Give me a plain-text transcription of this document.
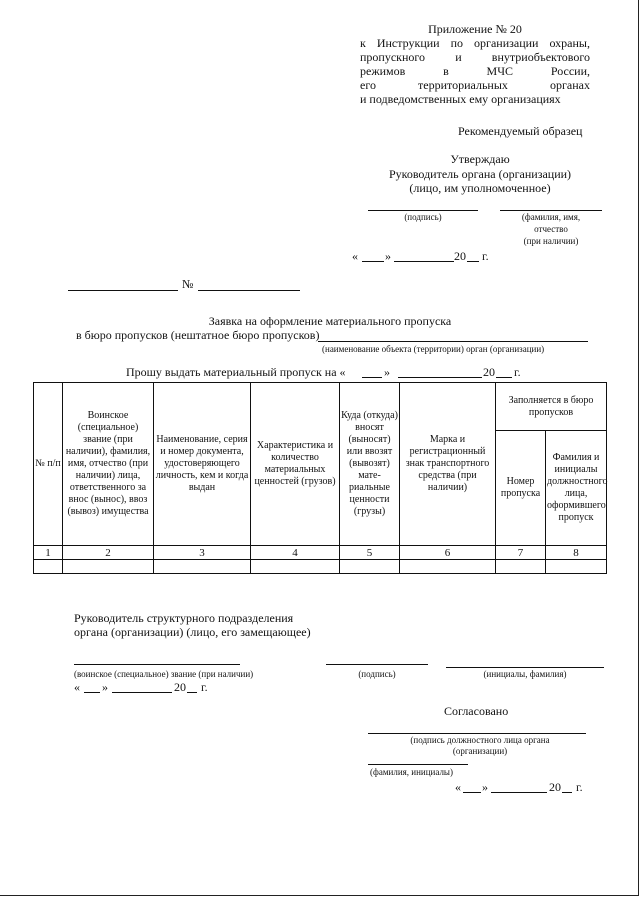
Приложение № 20
к Инструкции по организации охраны,
пропускного и внутриобъектового
режимов в МЧС России,
его территориальных органах
и подведомственных ему организациях
Рекомендуемый образец
Утверждаю
Руководитель органа (организации)
(лицо, им уполномоченное)
(подпись)	(фамилия, имя,
отчество
(при наличии)
« »	20 г.
№
Заявка на оформление материального пропуска
в бюро пропусков (нештатное бюро пропусков)
(наименование объекта (территории) орган (организации)
Прошу выдать материальный пропуск на «	»	20 г.
№ п/п	Воинское (специальное) звание (при наличии), фамилия, имя, отчество (при наличии) лица, ответственного за внос (вынос), ввоз (вывоз) имущества	Наименование, серия и номер документа, удостоверяющего личность, кем и когда выдан	Характеристика и количество материальных ценностей (грузов)	Куда (откуда) вносят (выносят) или ввозят (вывозят) мате-риальные ценности (грузы)	Марка и регистрационный знак транспортного средства (при наличии)	Заполняется в бюро пропусков	
						Номер пропуска	Фамилия и инициалы должностного лица, оформившего пропуск
1	2	3	4	5	6	7	8

Руководитель структурного подразделения
органа (организации) (лицо, его замещающее)
(воинское (специальное) звание (при наличии)	(подпись)	(инициалы, фамилия)
« »	20 г.
Согласовано
(подпись должностного лица органа
(организации)
(фамилия, инициалы)
« »	20 г.
